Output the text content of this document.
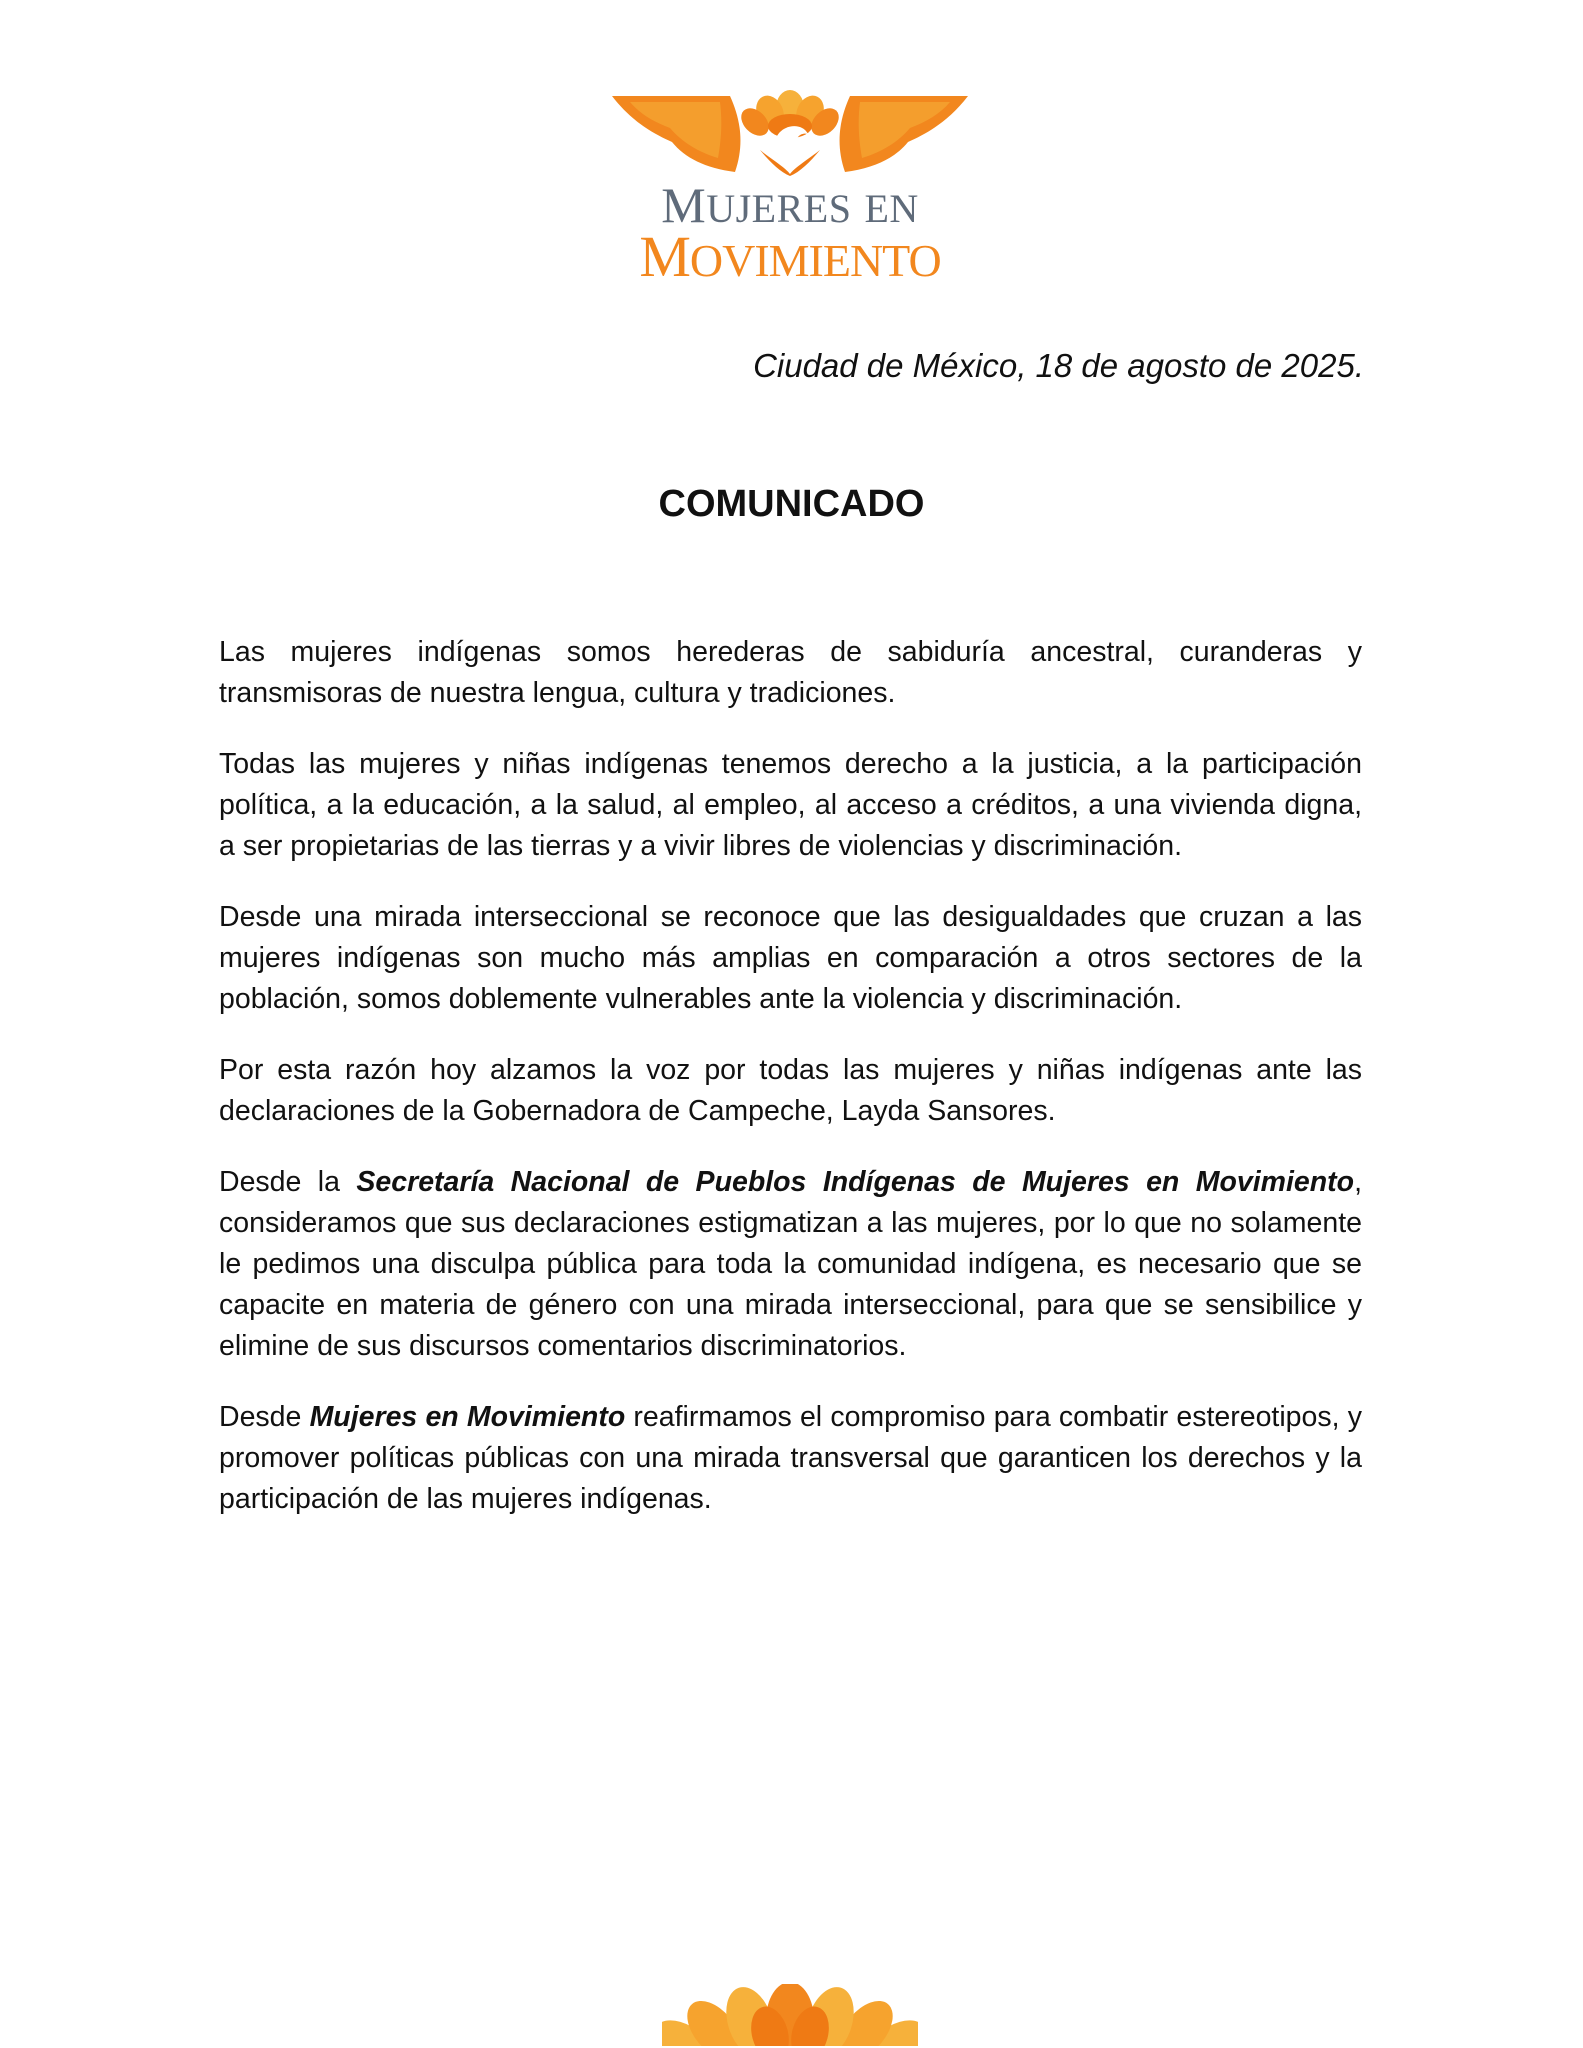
MUJERES EN
MOVIMIENTO
Ciudad de México, 18 de agosto de 2025.
COMUNICADO

Las mujeres indígenas somos herederas de sabiduría ancestral, curanderas y transmisoras de nuestra lengua, cultura y tradiciones.

Todas las mujeres y niñas indígenas tenemos derecho a la justicia, a la participación política, a la educación, a la salud, al empleo, al acceso a créditos, a una vivienda digna, a ser propietarias de las tierras y a vivir libres de violencias y discriminación.

Desde una mirada interseccional se reconoce que las desigualdades que cruzan a las mujeres indígenas son mucho más amplias en comparación a otros sectores de la población, somos doblemente vulnerables ante la violencia y discriminación.

Por esta razón hoy alzamos la voz por todas las mujeres y niñas indígenas ante las declaraciones de la Gobernadora de Campeche, Layda Sansores.

Desde la Secretaría Nacional de Pueblos Indígenas de Mujeres en Movimiento, consideramos que sus declaraciones estigmatizan a las mujeres, por lo que no solamente le pedimos una disculpa pública para toda la comunidad indígena, es necesario que se capacite en materia de género con una mirada interseccional, para que se sensibilice y elimine de sus discursos comentarios discriminatorios.

Desde Mujeres en Movimiento reafirmamos el compromiso para combatir estereotipos, y promover políticas públicas con una mirada transversal que garanticen los derechos y la participación de las mujeres indígenas.
